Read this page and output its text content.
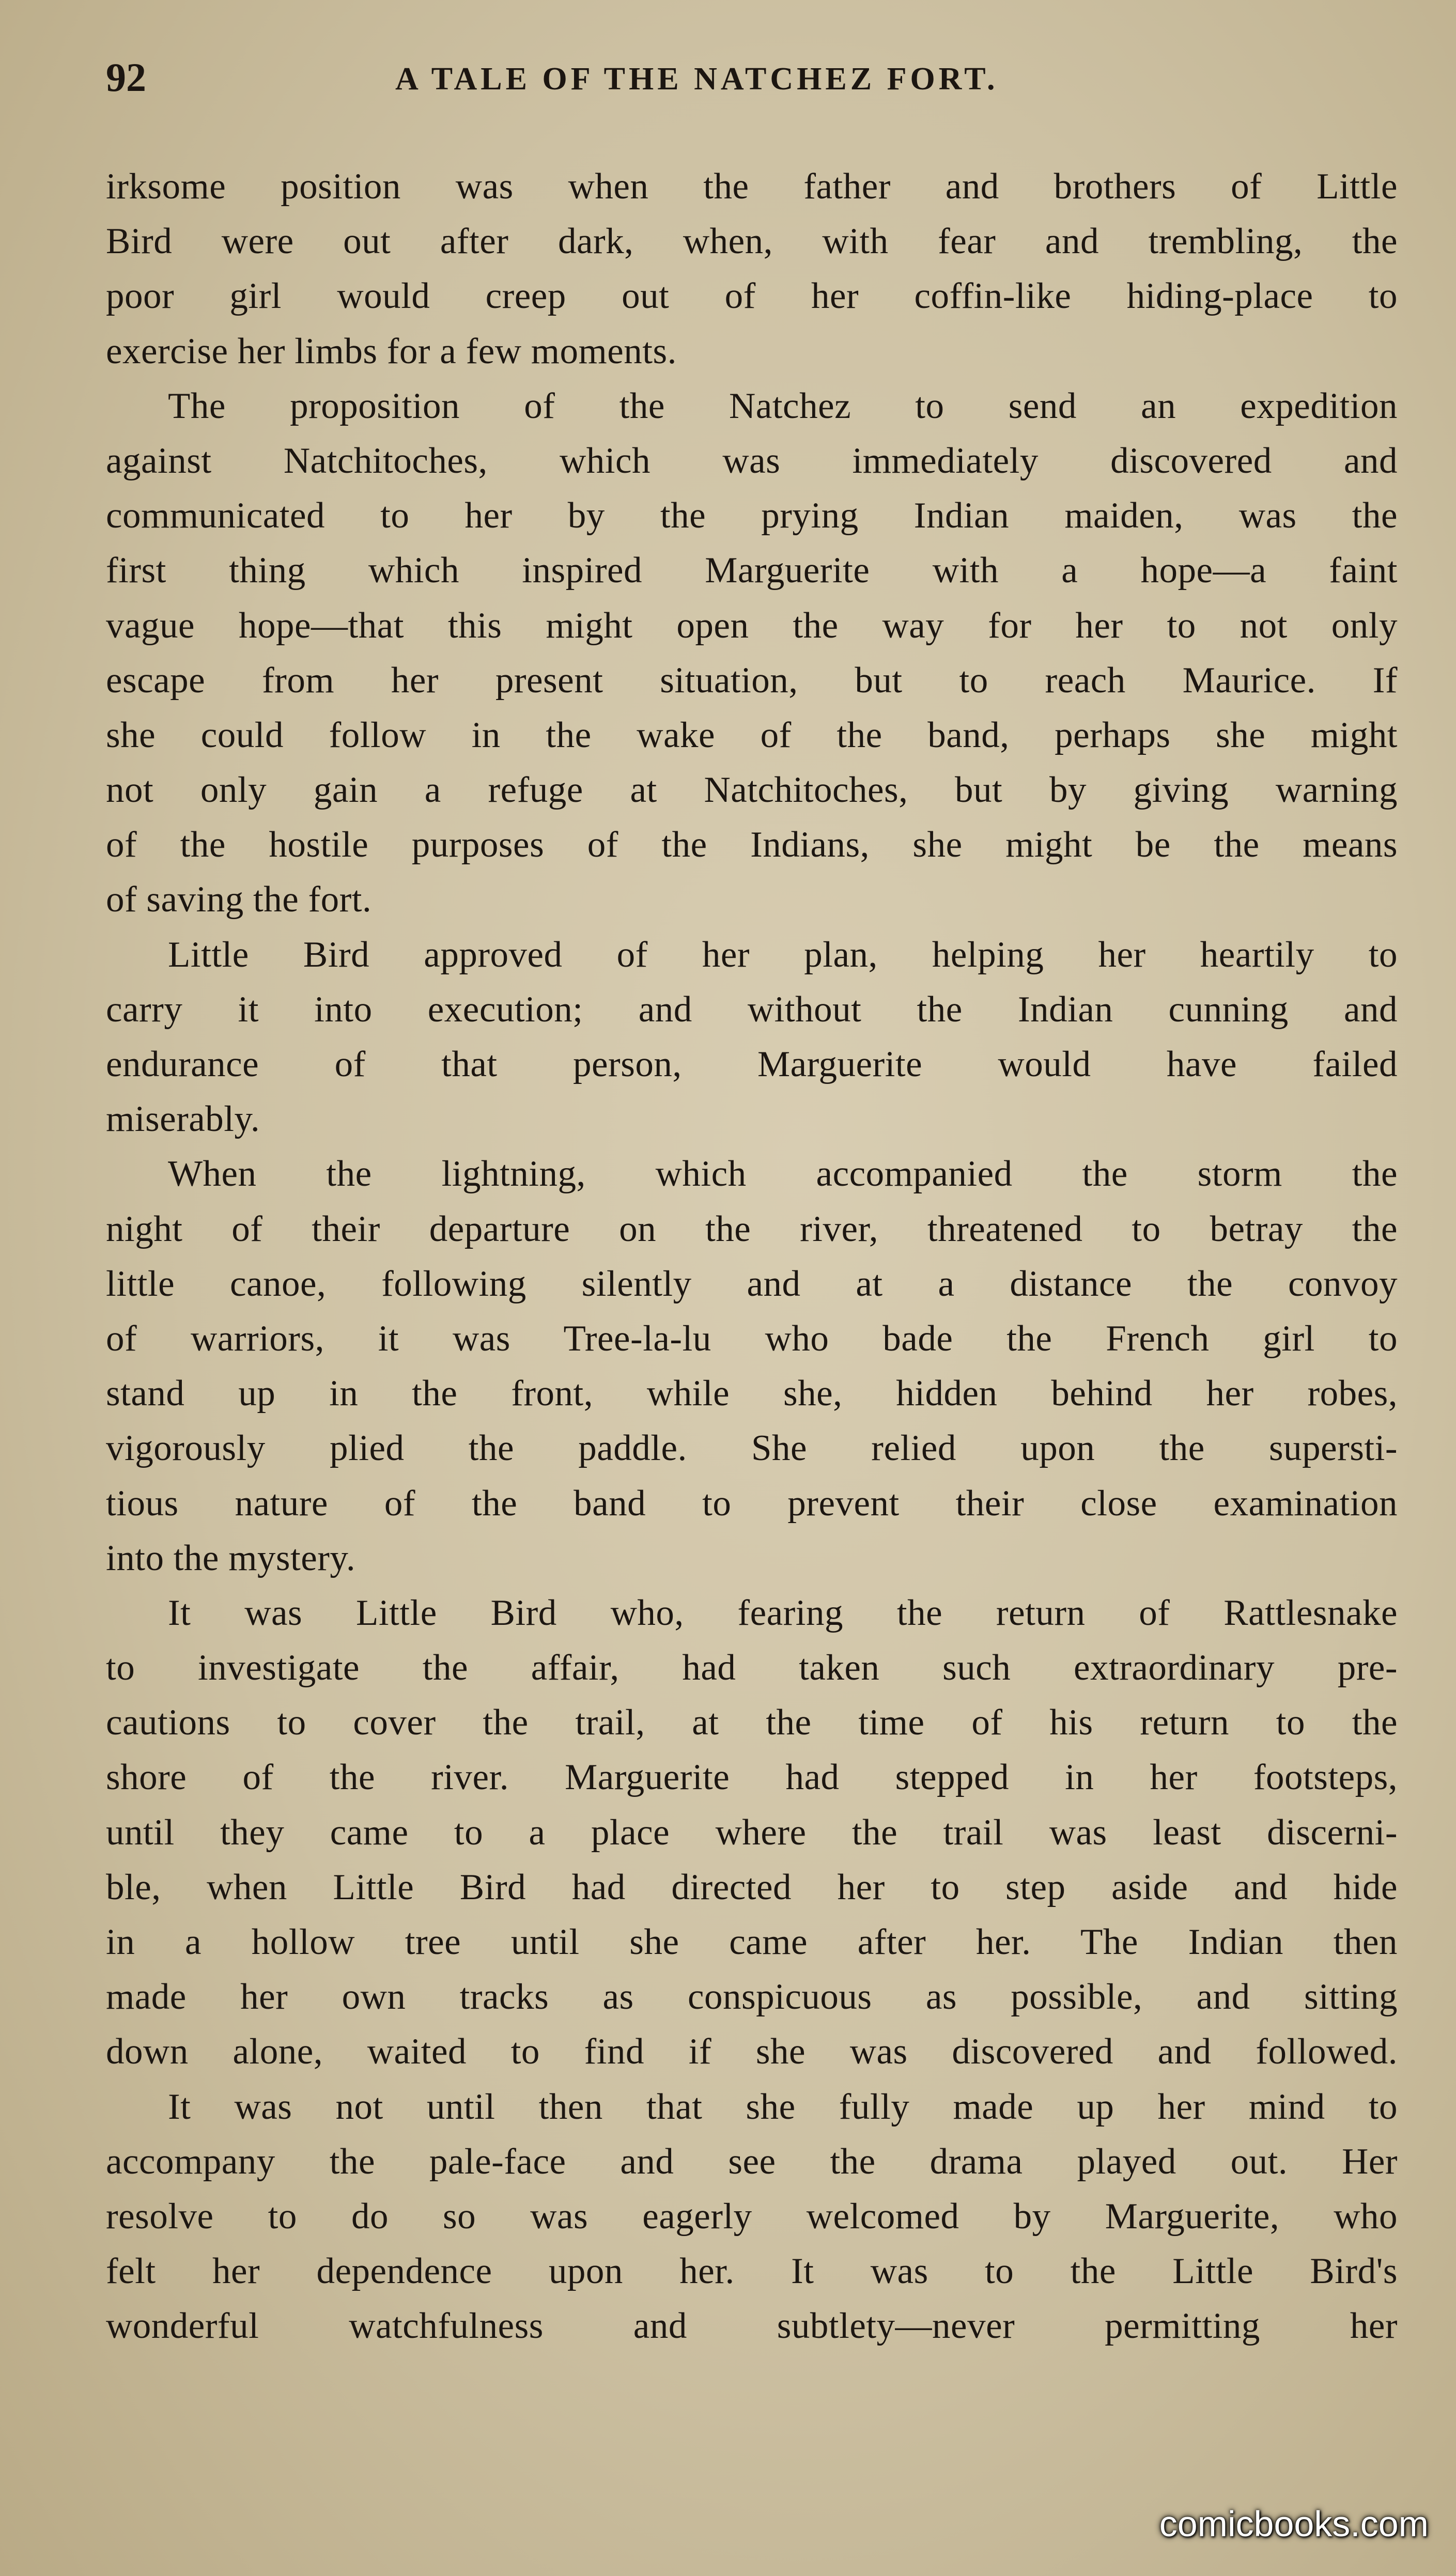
92	A TALE OF THE NATCHEZ FORT.
irksome position was when the father and brothers of Little
Bird were out after dark, when, with fear and trembling, the
poor girl would creep out of her coffin-like hiding-place to
exercise her limbs for a few moments.
The proposition of the Natchez to send an expedition
against Natchitoches, which was immediately discovered and
communicated to her by the prying Indian maiden, was the
first thing which inspired Marguerite with a hope—a faint
vague hope—that this might open the way for her to not only
escape from her present situation, but to reach Maurice. If
she could follow in the wake of the band, perhaps she might
not only gain a refuge at Natchitoches, but by giving warning
of the hostile purposes of the Indians, she might be the means
of saving the fort.
Little Bird approved of her plan, helping her heartily to
carry it into execution; and without the Indian cunning and
endurance of that person, Marguerite would have failed
miserably.
When the lightning, which accompanied the storm the
night of their departure on the river, threatened to betray the
little canoe, following silently and at a distance the convoy
of warriors, it was Tree-la-lu who bade the French girl to
stand up in the front, while she, hidden behind her robes,
vigorously plied the paddle. She relied upon the supersti-
tious nature of the band to prevent their close examination
into the mystery.
It was Little Bird who, fearing the return of Rattlesnake
to investigate the affair, had taken such extraordinary pre-
cautions to cover the trail, at the time of his return to the
shore of the river. Marguerite had stepped in her footsteps,
until they came to a place where the trail was least discerni-
ble, when Little Bird had directed her to step aside and hide
in a hollow tree until she came after her. The Indian then
made her own tracks as conspicuous as possible, and sitting
down alone, waited to find if she was discovered and followed.
It was not until then that she fully made up her mind to
accompany the pale-face and see the drama played out. Her
resolve to do so was eagerly welcomed by Marguerite, who
felt her dependence upon her. It was to the Little Bird's
wonderful watchfulness and subtlety—never permitting her
comicbooks.com
